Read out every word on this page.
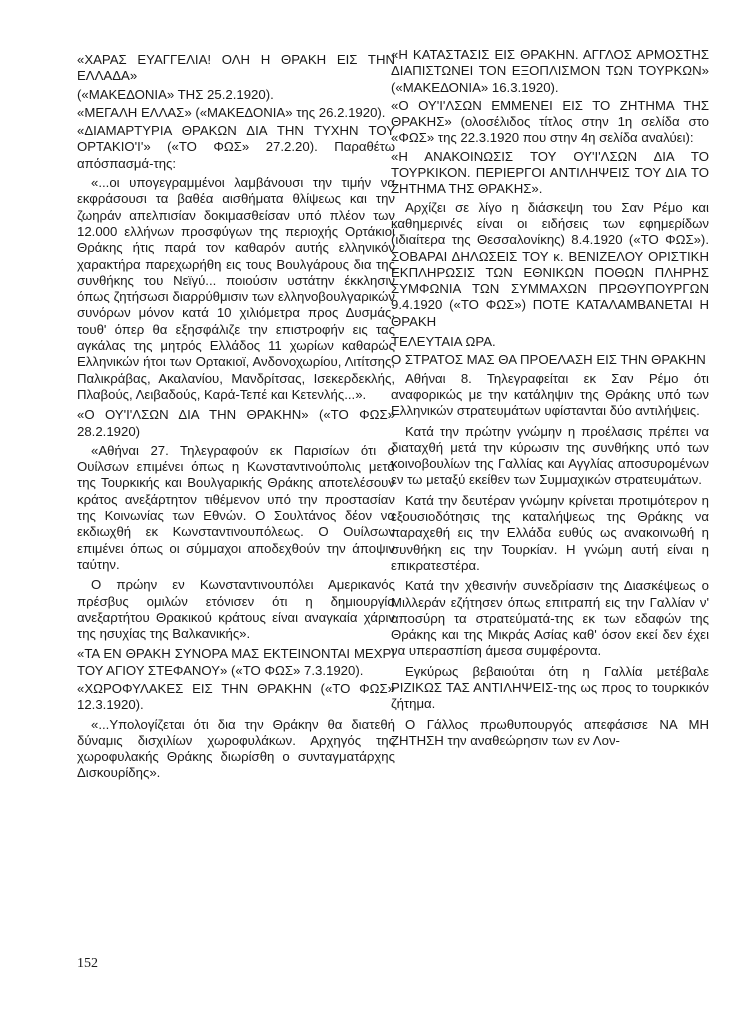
«ΧΑΡΑΣ ΕΥΑΓΓΕΛΙΑ! ΟΛΗ Η ΘΡΑΚΗ ΕΙΣ ΤΗΝ ΕΛΛΑΔΑ»

(«ΜΑΚΕΔΟΝΙΑ» ΤΗΣ 25.2.1920).

«ΜΕΓΑΛΗ ΕΛΛΑΣ» («ΜΑΚΕΔΟΝΙΑ» της 26.2.1920).

«ΔΙΑΜΑΡΤΥΡΙΑ ΘΡΑΚΩΝ ΔΙΑ ΤΗΝ ΤΥΧΗΝ ΤΟΥ ΟΡΤΑΚΙΟ'Ι'» («ΤΟ ΦΩΣ» 27.2.20). Παραθέτω απόσπασμά-της:

«...οι υπογεγραμμένοι λαμβάνουσι την τιμήν να εκφράσουσι τα βαθέα αισθήματα θλίψεως και την ζωηράν απελπισίαν δοκιμασθείσαν υπό πλέον των 12.000 ελλήνων προσφύγων της περιοχής Ορτάκιοϊ Θράκης ήτις παρά τον καθαρόν αυτής ελληνικόν χαρακτήρα παρεχωρήθη εις τους Βουλγάρους δια της συνθήκης του Νεϊγύ... ποιούσιν υστάτην έκκλησιν όπως ζητήσωσι διαρρύθμισιν των ελληνοβουλγαρικών συνόρων μόνον κατά 10 χιλιόμετρα προς Δυσμάς, τουθ' όπερ θα εξησφάλιζε την επιστροφήν εις τας αγκάλας της μητρός Ελλάδος 11 χωρίων καθαρώς Ελληνικών ήτοι των Ορτακιοϊ, Ανδονοχωρίου, Λιτίτσης, Παλικράβας, Ακαλανίου, Μανδρίτσας, Ισεκερδεκλής, Πλαβούς, Λειβαδούς, Καρά-Τεπέ και Κετενλής...».

«Ο ΟΥ'Ι'ΛΣΩΝ ΔΙΑ ΤΗΝ ΘΡΑΚΗΝ» («ΤΟ ΦΩΣ» 28.2.1920)

«Αθήναι 27. Τηλεγραφούν εκ Παρισίων ότι ο Ουίλσων επιμένει όπως η Κωνσταντινούπολις μετά της Τουρκικής και Βουλγαρικής Θράκης αποτελέσουν κράτος ανεξάρτητον τιθέμενον υπό την προστασίαν της Κοινωνίας των Εθνών. Ο Σουλτάνος δέον να εκδιωχθή εκ Κωνσταντινουπόλεως. Ο Ουίλσων επιμένει όπως οι σύμμαχοι αποδεχθούν την άποψιν ταύτην.

Ο πρώην εν Κωνσταντινουπόλει Αμερικανός πρέσβυς ομιλών ετόνισεν ότι η δημιουργία ανεξαρτήτου Θρακικού κράτους είναι αναγκαία χάριν της ησυχίας της Βαλκανικής».

«ΤΑ ΕΝ ΘΡΑΚΗ ΣΥΝΟΡΑ ΜΑΣ ΕΚΤΕΙΝΟΝΤΑΙ ΜΕΧΡΙ ΤΟΥ ΑΓΙΟΥ ΣΤΕΦΑΝΟΥ» («ΤΟ ΦΩΣ» 7.3.1920).

«ΧΩΡΟΦΥΛΑΚΕΣ ΕΙΣ ΤΗΝ ΘΡΑΚΗΝ («ΤΟ ΦΩΣ» 12.3.1920).

«...Υπολογίζεται ότι δια την Θράκην θα διατεθή δύναμις δισχιλίων χωροφυλάκων. Αρχηγός της χωροφυλακής Θράκης διωρίσθη ο συνταγματάρχης Δισκουρίδης».

«Η ΚΑΤΑΣΤΑΣΙΣ ΕΙΣ ΘΡΑΚΗΝ. ΑΓΓΛΟΣ ΑΡΜΟΣΤΗΣ ΔΙΑΠΙΣΤΩΝΕΙ ΤΟΝ ΕΞΟΠΛΙΣΜΟΝ ΤΩΝ ΤΟΥΡΚΩΝ» («ΜΑΚΕΔΟΝΙΑ» 16.3.1920).

«Ο ΟΥ'Ι'ΛΣΩΝ ΕΜΜΕΝΕΙ ΕΙΣ ΤΟ ΖΗΤΗΜΑ ΤΗΣ ΘΡΑΚΗΣ» (ολοσέλιδος τίτλος στην 1η σελίδα στο «ΦΩΣ» της 22.3.1920 που στην 4η σελίδα αναλύει):

«Η ΑΝΑΚΟΙΝΩΣΙΣ ΤΟΥ ΟΥ'Ι'ΛΣΩΝ ΔΙΑ ΤΟ ΤΟΥΡΚΙΚΟΝ. ΠΕΡΙΕΡΓΟΙ ΑΝΤΙΛΗΨΕΙΣ ΤΟΥ ΔΙΑ ΤΟ ΖΗΤΗΜΑ ΤΗΣ ΘΡΑΚΗΣ».

Αρχίζει σε λίγο η διάσκεψη του Σαν Ρέμο και καθημερινές είναι οι ειδήσεις των εφημερίδων (ιδιαίτερα της Θεσσαλονίκης) 8.4.1920 («ΤΟ ΦΩΣ»). ΣΟΒΑΡΑΙ ΔΗΛΩΣΕΙΣ ΤΟΥ κ. ΒΕΝΙΖΕΛΟΥ ΟΡΙΣΤΙΚΗ ΕΚΠΛΗΡΩΣΙΣ ΤΩΝ ΕΘΝΙΚΩΝ ΠΟΘΩΝ ΠΛΗΡΗΣ ΣΥΜΦΩΝΙΑ ΤΩΝ ΣΥΜΜΑΧΩΝ ΠΡΩΘΥΠΟΥΡΓΩΝ 9.4.1920 («ΤΟ ΦΩΣ») ΠΟΤΕ ΚΑΤΑΛΑΜΒΑΝΕΤΑΙ Η ΘΡΑΚΗ

ΤΕΛΕΥΤΑΙΑ ΩΡΑ.

Ο ΣΤΡΑΤΟΣ ΜΑΣ ΘΑ ΠΡΟΕΛΑΣΗ ΕΙΣ ΤΗΝ ΘΡΑΚΗΝ

Αθήναι 8. Τηλεγραφείται εκ Σαν Ρέμο ότι αναφορικώς με την κατάληψιν της Θράκης υπό των Ελληνικών στρατευμάτων υφίστανται δύο αντιλήψεις.

Κατά την πρώτην γνώμην η προέλασις πρέπει να διαταχθή μετά την κύρωσιν της συνθήκης υπό των κοινοβουλίων της Γαλλίας και Αγγλίας αποσυρομένων εν τω μεταξύ εκείθεν των Συμμαχικών στρατευμάτων.

Κατά την δευτέραν γνώμην κρίνεται προτιμότερον η εξουσιοδότησις της καταλήψεως της Θράκης να παραχεθή εις την Ελλάδα ευθύς ως ανακοινωθή η συνθήκη εις την Τουρκίαν. Η γνώμη αυτή είναι η επικρατεστέρα.

Κατά την χθεσινήν συνεδρίασιν της Διασκέψεως ο Μιλλεράν εζήτησεν όπως επιτραπή εις την Γαλλίαν ν' αποσύρη τα στρατεύματά-της εκ των εδαφών της Θράκης και της Μικράς Ασίας καθ' όσον εκεί δεν έχει να υπερασπίση άμεσα συμφέροντα.

Εγκύρως βεβαιούται ότη η Γαλλία μετέβαλε ΡΙΖΙΚΩΣ ΤΑΣ ΑΝΤΙΛΗΨΕΙΣ-της ως προς το τουρκικόν ζήτημα.

Ο Γάλλος πρωθυπουργός απεφάσισε ΝΑ ΜΗ ΖΗΤΗΣΗ την αναθεώρησιν των εν Λον-

152
